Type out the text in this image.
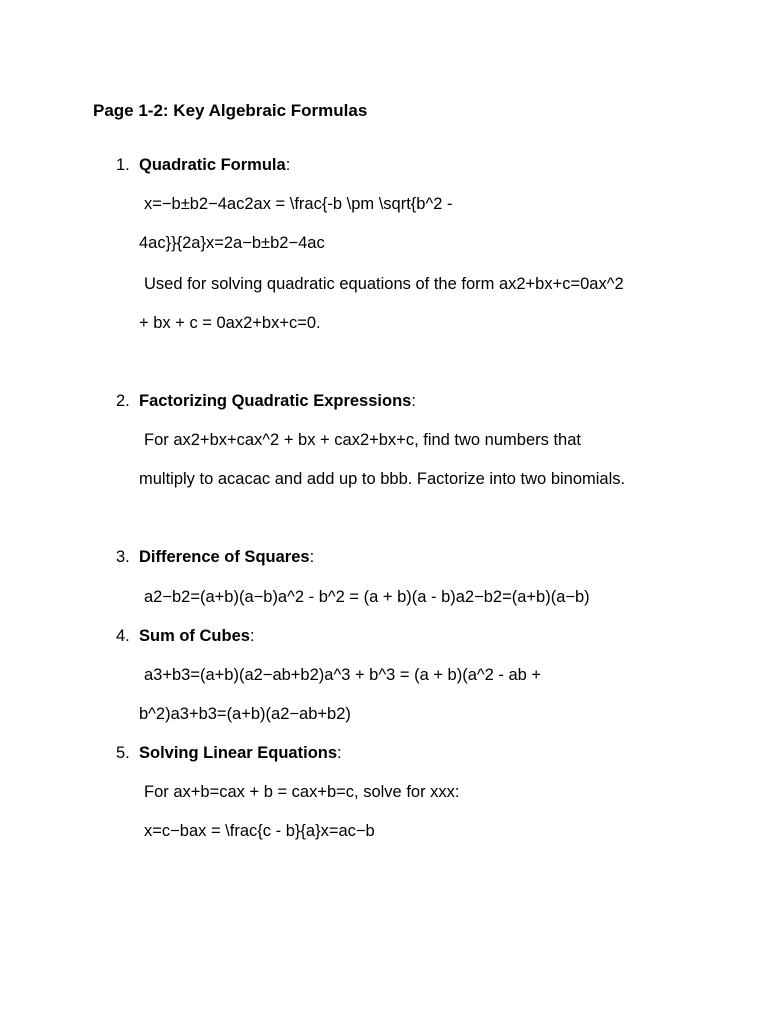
Page 1-2: Key Algebraic Formulas
1. Quadratic Formula:
x=−b±b2−4ac2ax = \frac{-b \pm \sqrt{b^2 -
4ac}}{2a}x=2a−b±b2−4ac
Used for solving quadratic equations of the form ax2+bx+c=0ax^2
+ bx + c = 0ax2+bx+c=0.
2. Factorizing Quadratic Expressions:
For ax2+bx+cax^2 + bx + cax2+bx+c, find two numbers that
multiply to acacac and add up to bbb. Factorize into two binomials.
3. Difference of Squares:
a2−b2=(a+b)(a−b)a^2 - b^2 = (a + b)(a - b)a2−b2=(a+b)(a−b)
4. Sum of Cubes:
a3+b3=(a+b)(a2−ab+b2)a^3 + b^3 = (a + b)(a^2 - ab +
b^2)a3+b3=(a+b)(a2−ab+b2)
5. Solving Linear Equations:
For ax+b=cax + b = cax+b=c, solve for xxx:
x=c−bax = \frac{c - b}{a}x=ac−b
